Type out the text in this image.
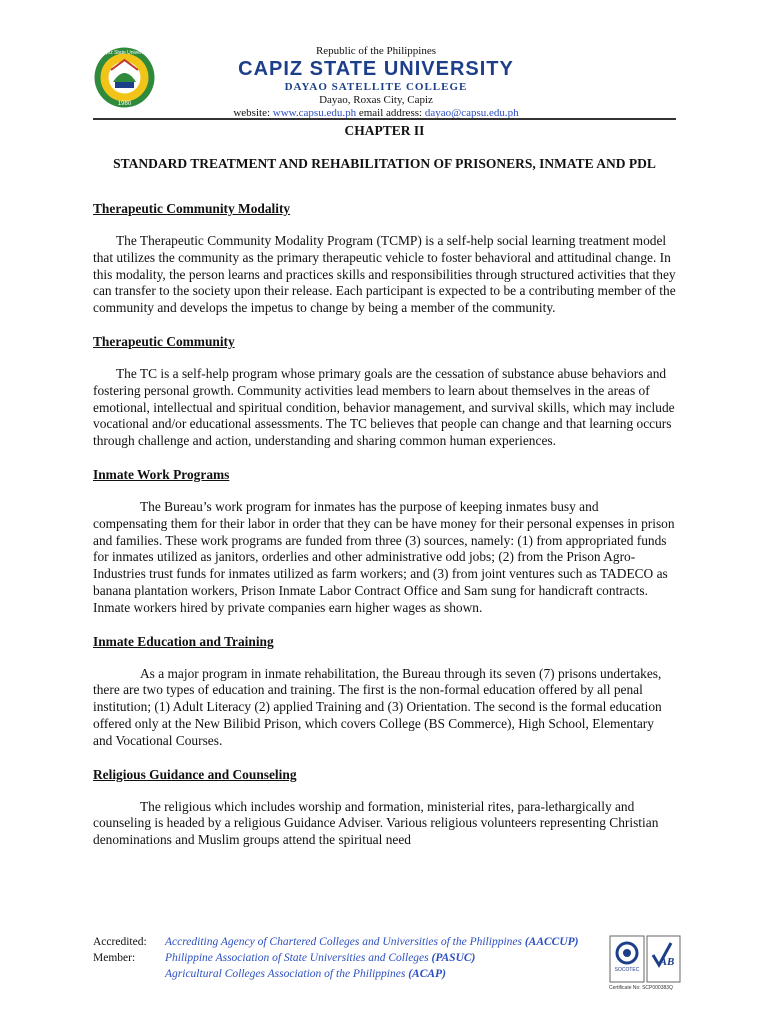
Capiz State University
1980
Republic of the Philippines
CAPIZ STATE UNIVERSITY
DAYAO SATELLITE COLLEGE
Dayao, Roxas City, Capiz
website: www.capsu.edu.ph email address: dayao@capsu.edu.ph

CHAPTER II

STANDARD TREATMENT AND REHABILITATION OF PRISONERS, INMATE AND PDL

Therapeutic Community Modality

The Therapeutic Community Modality Program (TCMP) is a self-help social learning treatment model that utilizes the community as the primary therapeutic vehicle to foster behavioral and attitudinal change. In this modality, the person learns and practices skills and responsibilities through structured activities that they can transfer to the society upon their release. Each participant is expected to be a contributing member of the community and develops the impetus to change by being a member of the community.

Therapeutic Community

The TC is a self-help program whose primary goals are the cessation of substance abuse behaviors and fostering personal growth. Community activities lead members to learn about themselves in the areas of emotional, intellectual and spiritual condition, behavior management, and survival skills, which may include vocational and/or educational assessments. The TC believes that people can change and that learning occurs through challenge and action, understanding and sharing common human experiences.

Inmate Work Programs

The Bureau’s work program for inmates has the purpose of keeping inmates busy and compensating them for their labor in order that they can be have money for their personal expenses in prison and families. These work programs are funded from three (3) sources, namely: (1) from appropriated funds for inmates utilized as janitors, orderlies and other administrative odd jobs; (2) from the Prison Agro-Industries trust funds for inmates utilized as farm workers; and (3) from joint ventures such as TADECO as banana plantation workers, Prison Inmate Labor Contract Office and Sam sung for handicraft contracts. Inmate workers hired by private companies earn higher wages as shown.

Inmate Education and Training

As a major program in inmate rehabilitation, the Bureau through its seven (7) prisons undertakes, there are two types of education and training. The first is the non-formal education offered by all penal institution; (1) Adult Literacy (2) applied Training and (3) Orientation. The second is the formal education offered only at the New Bilibid Prison, which covers College (BS Commerce), High School, Elementary and Vocational Courses.

Religious Guidance and Counseling

The religious which includes worship and formation, ministerial rites, para-lethargically and counseling is headed by a religious Guidance Adviser. Various religious volunteers representing Christian denominations and Muslim groups attend the spiritual need

Accredited:	Accrediting Agency of Chartered Colleges and Universities of the Philippines (AACCUP)
Member:	Philippine Association of State Universities and Colleges (PASUC)
Agricultural Colleges Association of the Philippines (ACAP)	SOCOTEC
AB
Certificate No: SCP000383Q
